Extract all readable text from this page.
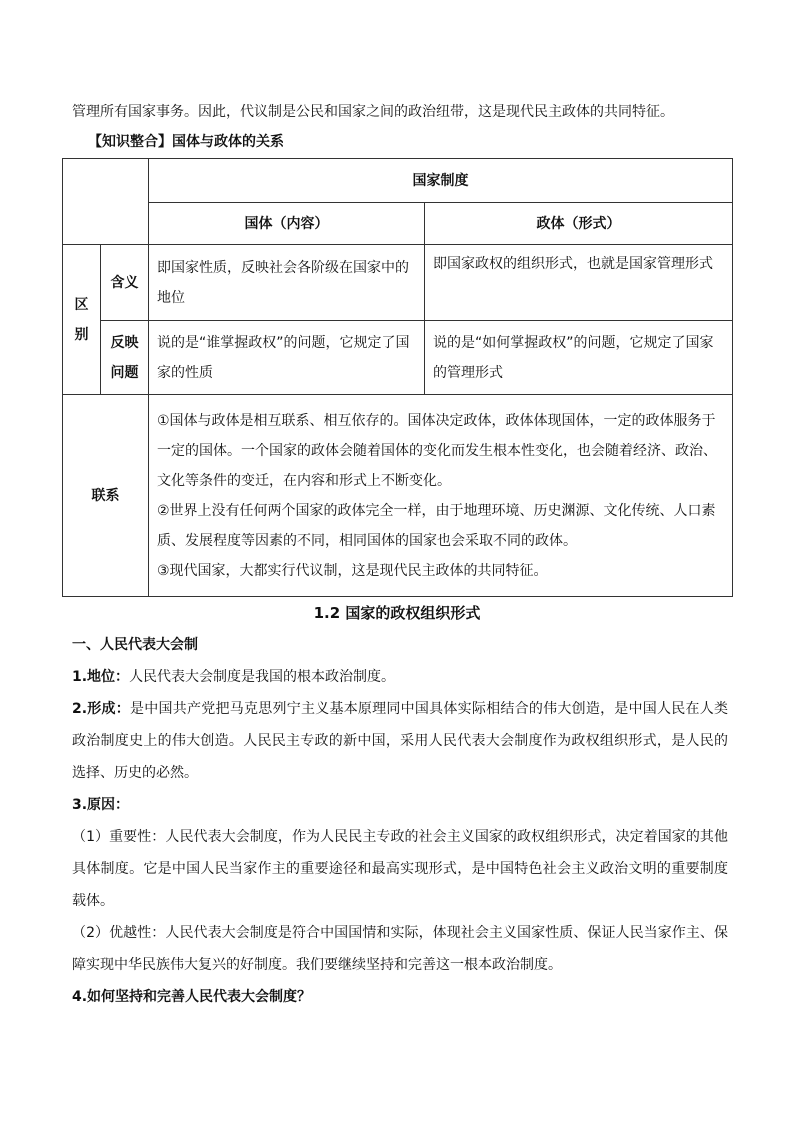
管理所有国家事务。因此，代议制是公民和国家之间的政治纽带，这是现代民主政体的共同特征。

【知识整合】国体与政体的关系
		国家制度	
		国体（内容）	政体（形式）
区别	含义	即国家性质，反映社会各阶级在国家中的地位	即国家政权的组织形式，也就是国家管理形式
	反映问题	说的是“谁掌握政权”的问题，它规定了国家的性质	说的是“如何掌握政权”的问题，它规定了国家的管理形式
联系		①国体与政体是相互联系、相互依存的。国体决定政体，政体体现国体，一定的政体服务于一定的国体。一个国家的政体会随着国体的变化而发生根本性变化，也会随着经济、政治、文化等条件的变迁，在内容和形式上不断变化。
②世界上没有任何两个国家的政体完全一样，由于地理环境、历史渊源、文化传统、人口素质、发展程度等因素的不同，相同国体的国家也会采取不同的政体。
③现代国家，大都实行代议制，这是现代民主政体的共同特征。	
1.2 国家的政权组织形式
一、人民代表大会制

1.地位：人民代表大会制度是我国的根本政治制度。

2.形成：是中国共产党把马克思列宁主义基本原理同中国具体实际相结合的伟大创造，是中国人民在人类政治制度史上的伟大创造。人民民主专政的新中国，采用人民代表大会制度作为政权组织形式，是人民的选择、历史的必然。

3.原因：

（1）重要性：人民代表大会制度，作为人民民主专政的社会主义国家的政权组织形式，决定着国家的其他具体制度。它是中国人民当家作主的重要途径和最高实现形式，是中国特色社会主义政治文明的重要制度载体。

（2）优越性：人民代表大会制度是符合中国国情和实际，体现社会主义国家性质、保证人民当家作主、保障实现中华民族伟大复兴的好制度。我们要继续坚持和完善这一根本政治制度。

4.如何坚持和完善人民代表大会制度？
